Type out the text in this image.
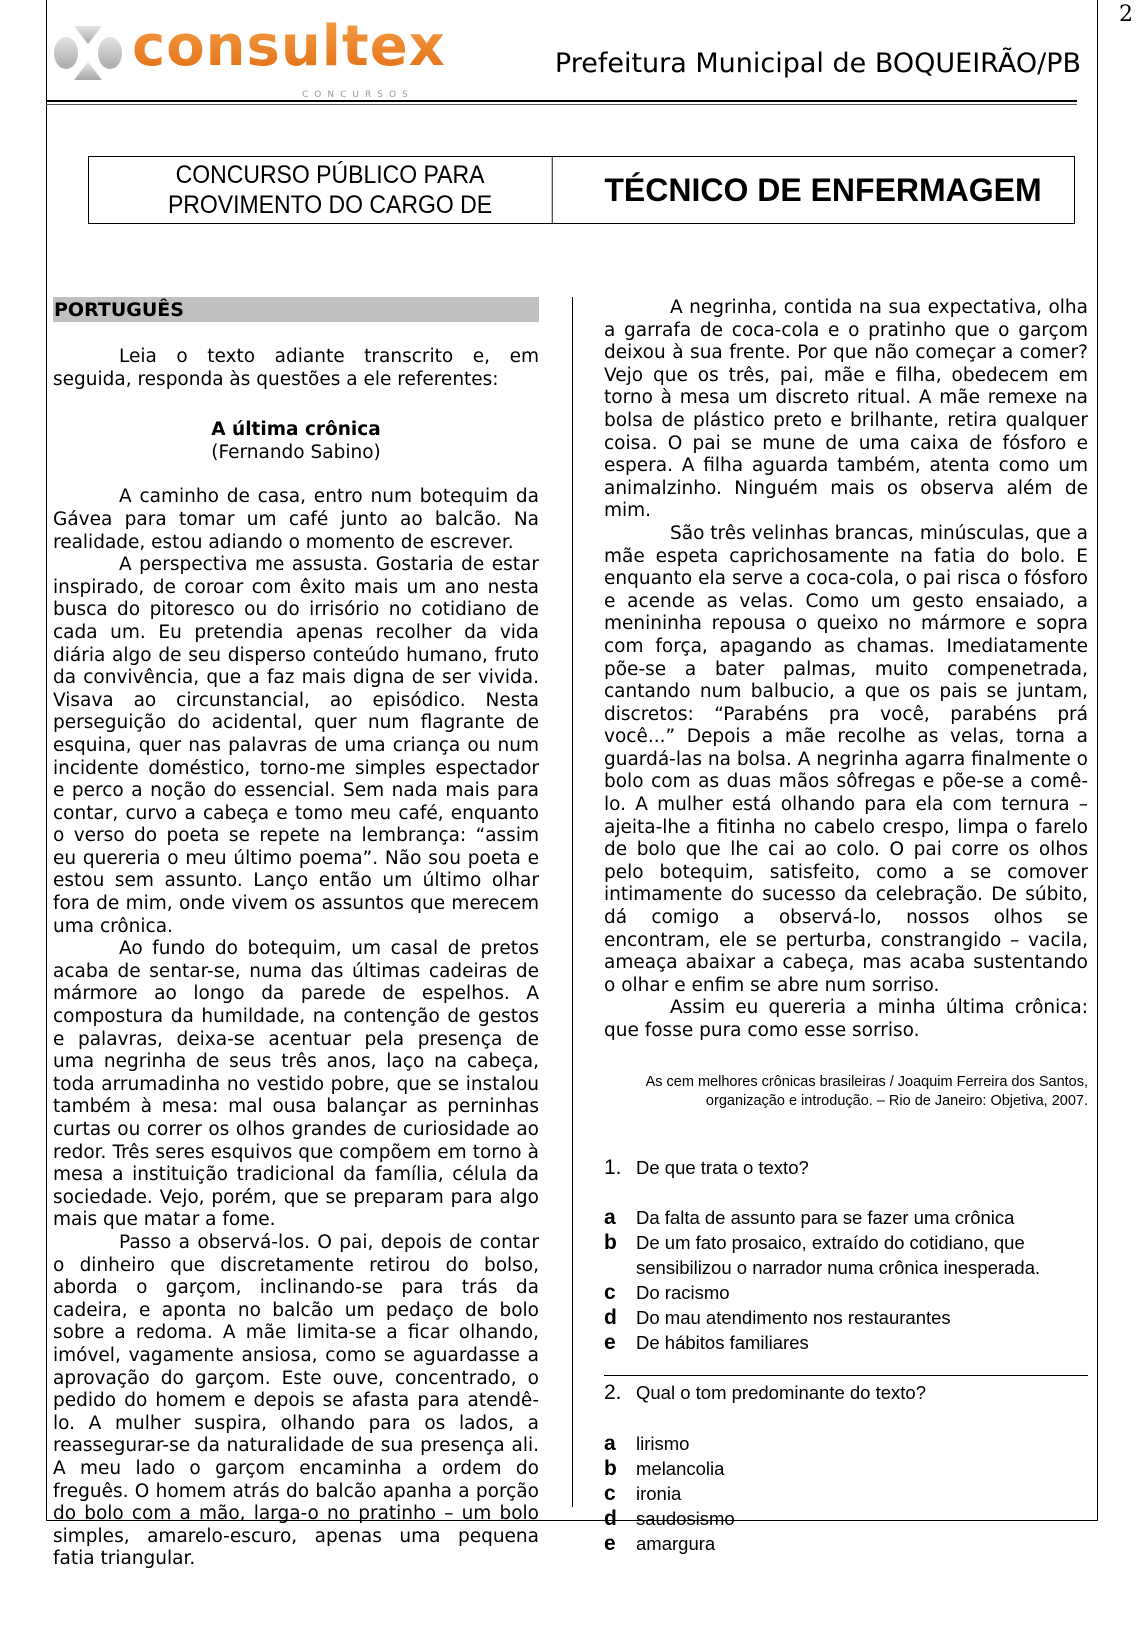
2
consultex
CONCURSOS
Prefeitura Municipal de BOQUEIRÃO/PB
CONCURSO PÚBLICO PARA
PROVIMENTO DO CARGO DE	TÉCNICO DE ENFERMAGEM
PORTUGUÊS

Leia o texto adiante transcrito e, em seguida, responda às questões a ele referentes:

A última crônica

(Fernando Sabino)

A caminho de casa, entro num botequim da Gávea para tomar um café junto ao balcão. Na realidade, estou adiando o momento de escrever.

A perspectiva me assusta. Gostaria de estar inspirado, de coroar com êxito mais um ano nesta busca do pitoresco ou do irrisório no cotidiano de cada um. Eu pretendia apenas recolher da vida diária algo de seu disperso conteúdo humano, fruto da convivência, que a faz mais digna de ser vivida. Visava ao circunstancial, ao episódico. Nesta perseguição do acidental, quer num flagrante de esquina, quer nas palavras de uma criança ou num incidente doméstico, torno-me simples espectador e perco a noção do essencial. Sem nada mais para contar, curvo a cabeça e tomo meu café, enquanto o verso do poeta se repete na lembrança: “assim eu quereria o meu último poema”. Não sou poeta e estou sem assunto. Lanço então um último olhar fora de mim, onde vivem os assuntos que merecem uma crônica.

Ao fundo do botequim, um casal de pretos acaba de sentar-se, numa das últimas cadeiras de mármore ao longo da parede de espelhos. A compostura da humildade, na contenção de gestos e palavras, deixa-se acentuar pela presença de uma negrinha de seus três anos, laço na cabeça, toda arrumadinha no vestido pobre, que se instalou também à mesa: mal ousa balançar as perninhas curtas ou correr os olhos grandes de curiosidade ao redor. Três seres esquivos que compõem em torno à mesa a instituição tradicional da família, célula da sociedade. Vejo, porém, que se preparam para algo mais que matar a fome.

Passo a observá-los. O pai, depois de contar o dinheiro que discretamente retirou do bolso, aborda o garçom, inclinando-se para trás da cadeira, e aponta no balcão um pedaço de bolo sobre a redoma. A mãe limita-se a ficar olhando, imóvel, vagamente ansiosa, como se aguardasse a aprovação do garçom. Este ouve, concentrado, o pedido do homem e depois se afasta para atendê-lo. A mulher suspira, olhando para os lados, a reassegurar-se da naturalidade de sua presença ali. A meu lado o garçom encaminha a ordem do freguês. O homem atrás do balcão apanha a porção do bolo com a mão, larga-o no pratinho – um bolo simples, amarelo-escuro, apenas uma pequena fatia triangular.

A negrinha, contida na sua expectativa, olha a garrafa de coca-cola e o pratinho que o garçom deixou à sua frente. Por que não começar a comer? Vejo que os três, pai, mãe e filha, obedecem em torno à mesa um discreto ritual. A mãe remexe na bolsa de plástico preto e brilhante, retira qualquer coisa. O pai se mune de uma caixa de fósforo e espera. A filha aguarda também, atenta como um animalzinho. Ninguém mais os observa além de mim.

São três velinhas brancas, minúsculas, que a mãe espeta caprichosamente na fatia do bolo. E enquanto ela serve a coca-cola, o pai risca o fósforo e acende as velas. Como um gesto ensaiado, a menininha repousa o queixo no mármore e sopra com força, apagando as chamas. Imediatamente põe-se a bater palmas, muito compenetrada, cantando num balbucio, a que os pais se juntam, discretos: “Parabéns pra você, parabéns prá você...” Depois a mãe recolhe as velas, torna a guardá-las na bolsa. A negrinha agarra finalmente o bolo com as duas mãos sôfregas e põe-se a comê-lo. A mulher está olhando para ela com ternura – ajeita-lhe a fitinha no cabelo crespo, limpa o farelo de bolo que lhe cai ao colo. O pai corre os olhos pelo botequim, satisfeito, como a se comover intimamente do sucesso da celebração. De súbito, dá comigo a observá-lo, nossos olhos se encontram, ele se perturba, constrangido – vacila, ameaça abaixar a cabeça, mas acaba sustentando o olhar e enfim se abre num sorriso.

Assim eu quereria a minha última crônica: que fosse pura como esse sorriso.

As cem melhores crônicas brasileiras / Joaquim Ferreira dos Santos,
organização e introdução. – Rio de Janeiro: Objetiva, 2007.
1. De que trata o texto?
a	Da falta de assunto para se fazer uma crônica
b	De um fato prosaico, extraído do cotidiano, que sensibilizou o narrador numa crônica inesperada.
c	Do racismo
d	Do mau atendimento nos restaurantes
e	De hábitos familiares
2. Qual o tom predominante do texto?
a	lirismo
b	melancolia
c	ironia
d	saudosismo
e	amargura
